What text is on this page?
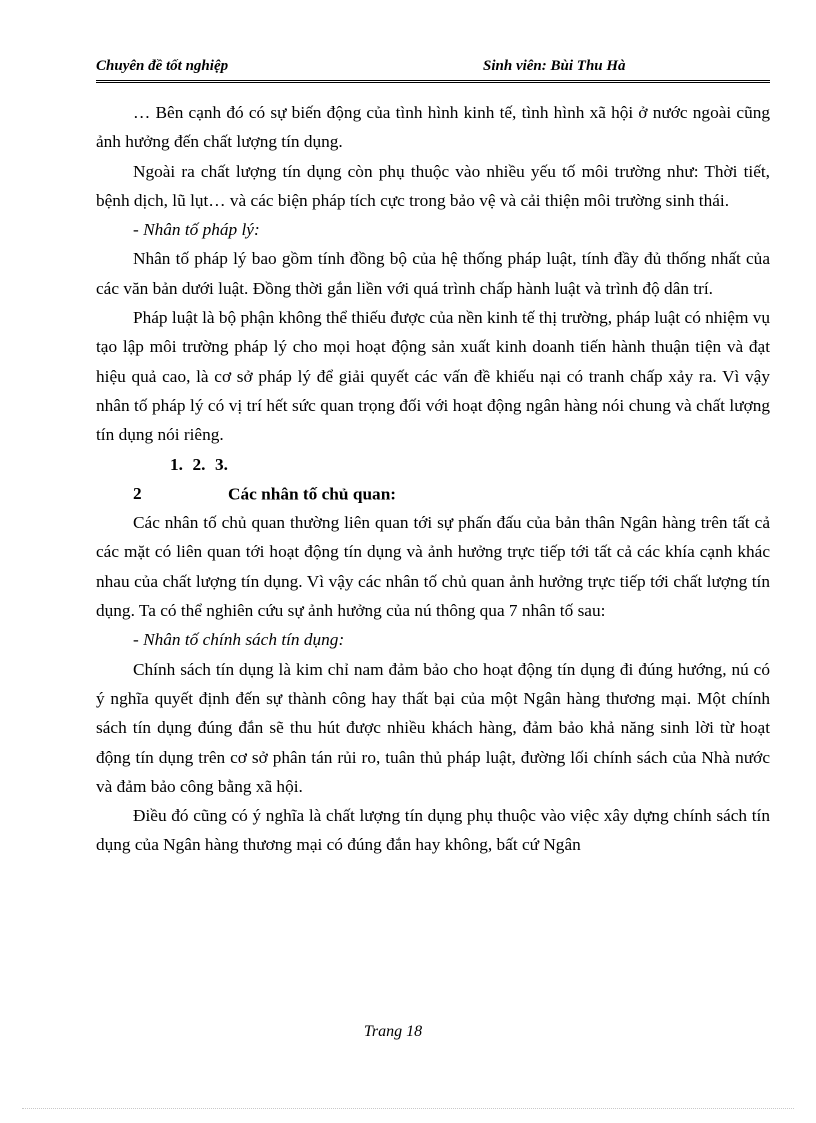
Chuyên đề tốt nghiệp	Sinh viên: Bùi Thu Hà

… Bên cạnh đó có sự biến động của tình hình kinh tế, tình hình xã hội ở nước ngoài cũng ảnh hưởng đến chất lượng tín dụng.

Ngoài ra chất lượng tín dụng còn phụ thuộc vào nhiều yếu tố môi trường như: Thời tiết, bệnh dịch, lũ lụt… và các biện pháp tích cực trong bảo vệ và cải thiện môi trường sinh thái.

- Nhân tố pháp lý:

Nhân tố pháp lý bao gồm tính đồng bộ của hệ thống pháp luật, tính đầy đủ thống nhất của các văn bản dưới luật. Đồng thời gắn liền với quá trình chấp hành luật và trình độ dân trí.

Pháp luật là bộ phận không thể thiếu được của nền kinh tế thị trường, pháp luật có nhiệm vụ tạo lập môi trường pháp lý cho mọi hoạt động sản xuất kinh doanh tiến hành thuận tiện và đạt hiệu quả cao, là cơ sở pháp lý để giải quyết các vấn đề khiếu nại có tranh chấp xảy ra. Vì vậy nhân tố pháp lý có vị trí hết sức quan trọng đối với hoạt động ngân hàng nói chung và chất lượng tín dụng nói riêng.

1. 2. 3. 2	Các nhân tố chủ quan:

Các nhân tố chủ quan thường liên quan tới sự phấn đấu của bản thân Ngân hàng trên tất cả các mặt có liên quan tới hoạt động tín dụng và ảnh hưởng trực tiếp tới tất cả các khía cạnh khác nhau của chất lượng tín dụng. Vì vậy các nhân tố chủ quan ảnh hưởng trực tiếp tới chất lượng tín dụng. Ta có thể nghiên cứu sự ảnh hưởng của nú thông qua 7 nhân tố sau:

- Nhân tố chính sách tín dụng:

Chính sách tín dụng là kim chỉ nam đảm bảo cho hoạt động tín dụng đi đúng hướng, nú có ý nghĩa quyết định đến sự thành công hay thất bại của một Ngân hàng thương mại. Một chính sách tín dụng đúng đắn sẽ thu hút được nhiều khách hàng, đảm bảo khả năng sinh lời từ hoạt động tín dụng trên cơ sở phân tán rủi ro, tuân thủ pháp luật, đường lối chính sách của Nhà nước và đảm bảo công bằng xã hội.

Điều đó cũng có ý nghĩa là chất lượng tín dụng phụ thuộc vào việc xây dựng chính sách tín dụng của Ngân hàng thương mại có đúng đắn hay không, bất cứ Ngân

Trang 18
